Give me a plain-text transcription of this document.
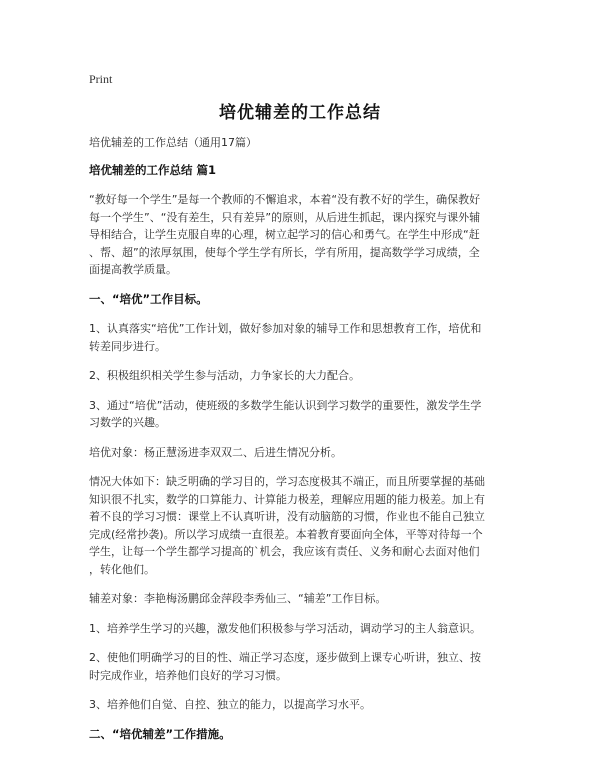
Print
培优辅差的工作总结
培优辅差的工作总结（通用17篇）
培优辅差的工作总结 篇1
“教好每一个学生”是每一个教师的不懈追求，本着“没有教不好的学生，确保教好
每一个学生”、“没有差生，只有差异”的原则，从后进生抓起，课内探究与课外辅
导相结合，让学生克服自卑的心理，树立起学习的信心和勇气。在学生中形成“赶
、帮、超”的浓厚氛围，使每个学生学有所长，学有所用，提高数学学习成绩，全
面提高教学质量。
一、“培优”工作目标。
1、认真落实“培优”工作计划，做好参加对象的辅导工作和思想教育工作，培优和
转差同步进行。
2、积极组织相关学生参与活动，力争家长的大力配合。
3、通过“培优”活动，使班级的多数学生能认识到学习数学的重要性，激发学生学
习数学的兴趣。
培优对象：杨正慧汤进李双双二、后进生情况分析。
情况大体如下：缺乏明确的学习目的，学习态度极其不端正，而且所要掌握的基础
知识很不扎实，数学的口算能力、计算能力极差，理解应用题的能力极差。加上有
着不良的学习习惯：课堂上不认真听讲，没有动脑筋的习惯，作业也不能自己独立
完成(经常抄袭)。所以学习成绩一直很差。本着教育要面向全体，平等对待每一个
学生，让每一个学生都学习提高的`机会，我应该有责任、义务和耐心去面对他们
，转化他们。
辅差对象：李艳梅汤鹏邱金萍段李秀仙三、“辅差”工作目标。
1、培养学生学习的兴趣，激发他们积极参与学习活动，调动学习的主人翁意识。
2、使他们明确学习的目的性、端正学习态度，逐步做到上课专心听讲，独立、按
时完成作业，培养他们良好的学习习惯。
3、培养他们自觉、自控、独立的能力，以提高学习水平。
二、“培优辅差”工作措施。
